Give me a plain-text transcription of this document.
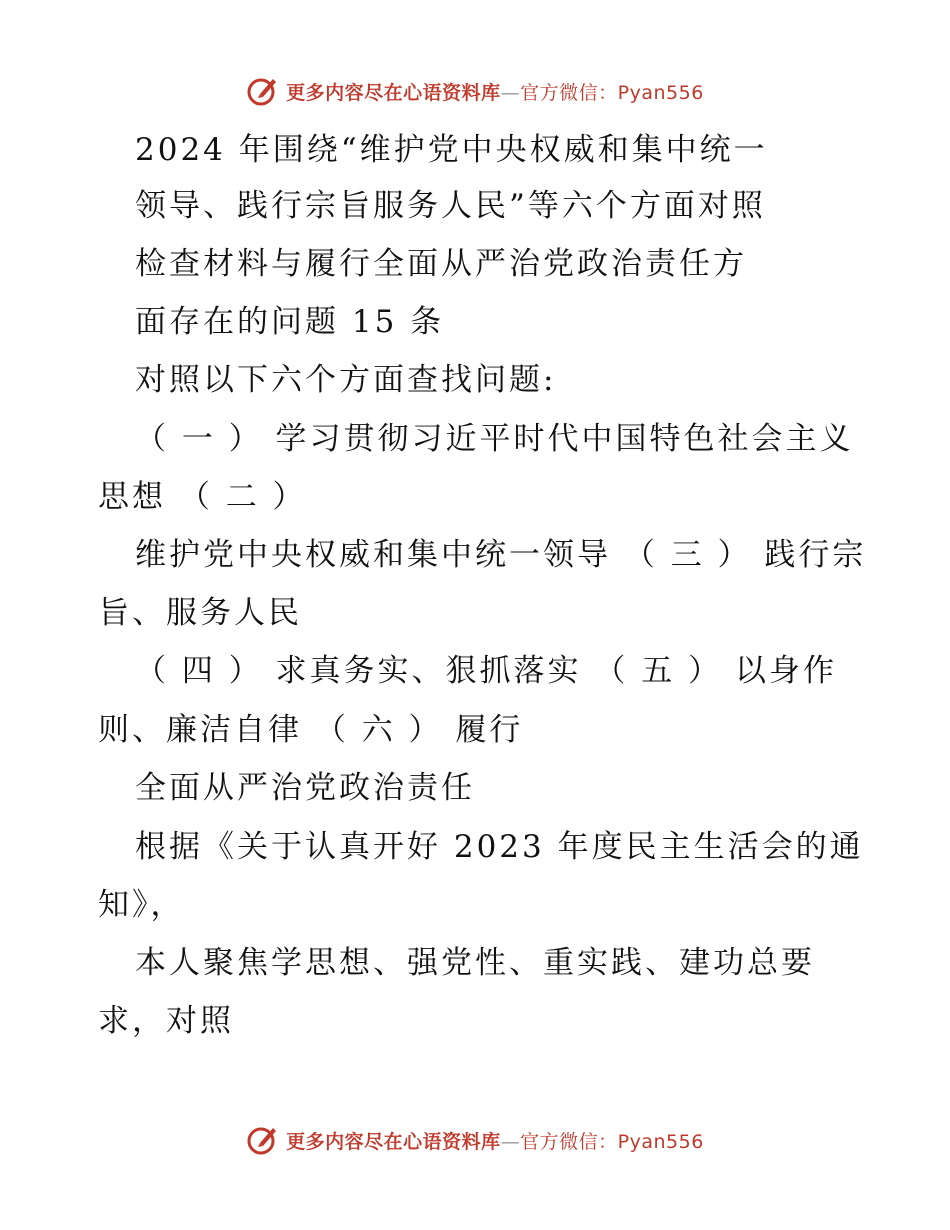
更多内容尽在心语资料库—官方微信：Pyan556
2024 年围绕“维护党中央权威和集中统一
领导、践行宗旨服务人民”等六个方面对照
检查材料与履行全面从严治党政治责任方
面存在的问题 15 条
对照以下六个方面查找问题:
（ 一 ） 学习贯彻习近平时代中国特色社会主义
思想 （ 二 ）
维护党中央权威和集中统一领导 （ 三 ） 践行宗
旨、服务人民
（ 四 ） 求真务实、狠抓落实 （ 五 ） 以身作
则、廉洁自律 （ 六 ） 履行
全面从严治党政治责任
根据《关于认真开好 2023 年度民主生活会的通
知》，
本人聚焦学思想、强党性、重实践、建功总要
求，对照
更多内容尽在心语资料库—官方微信：Pyan556
